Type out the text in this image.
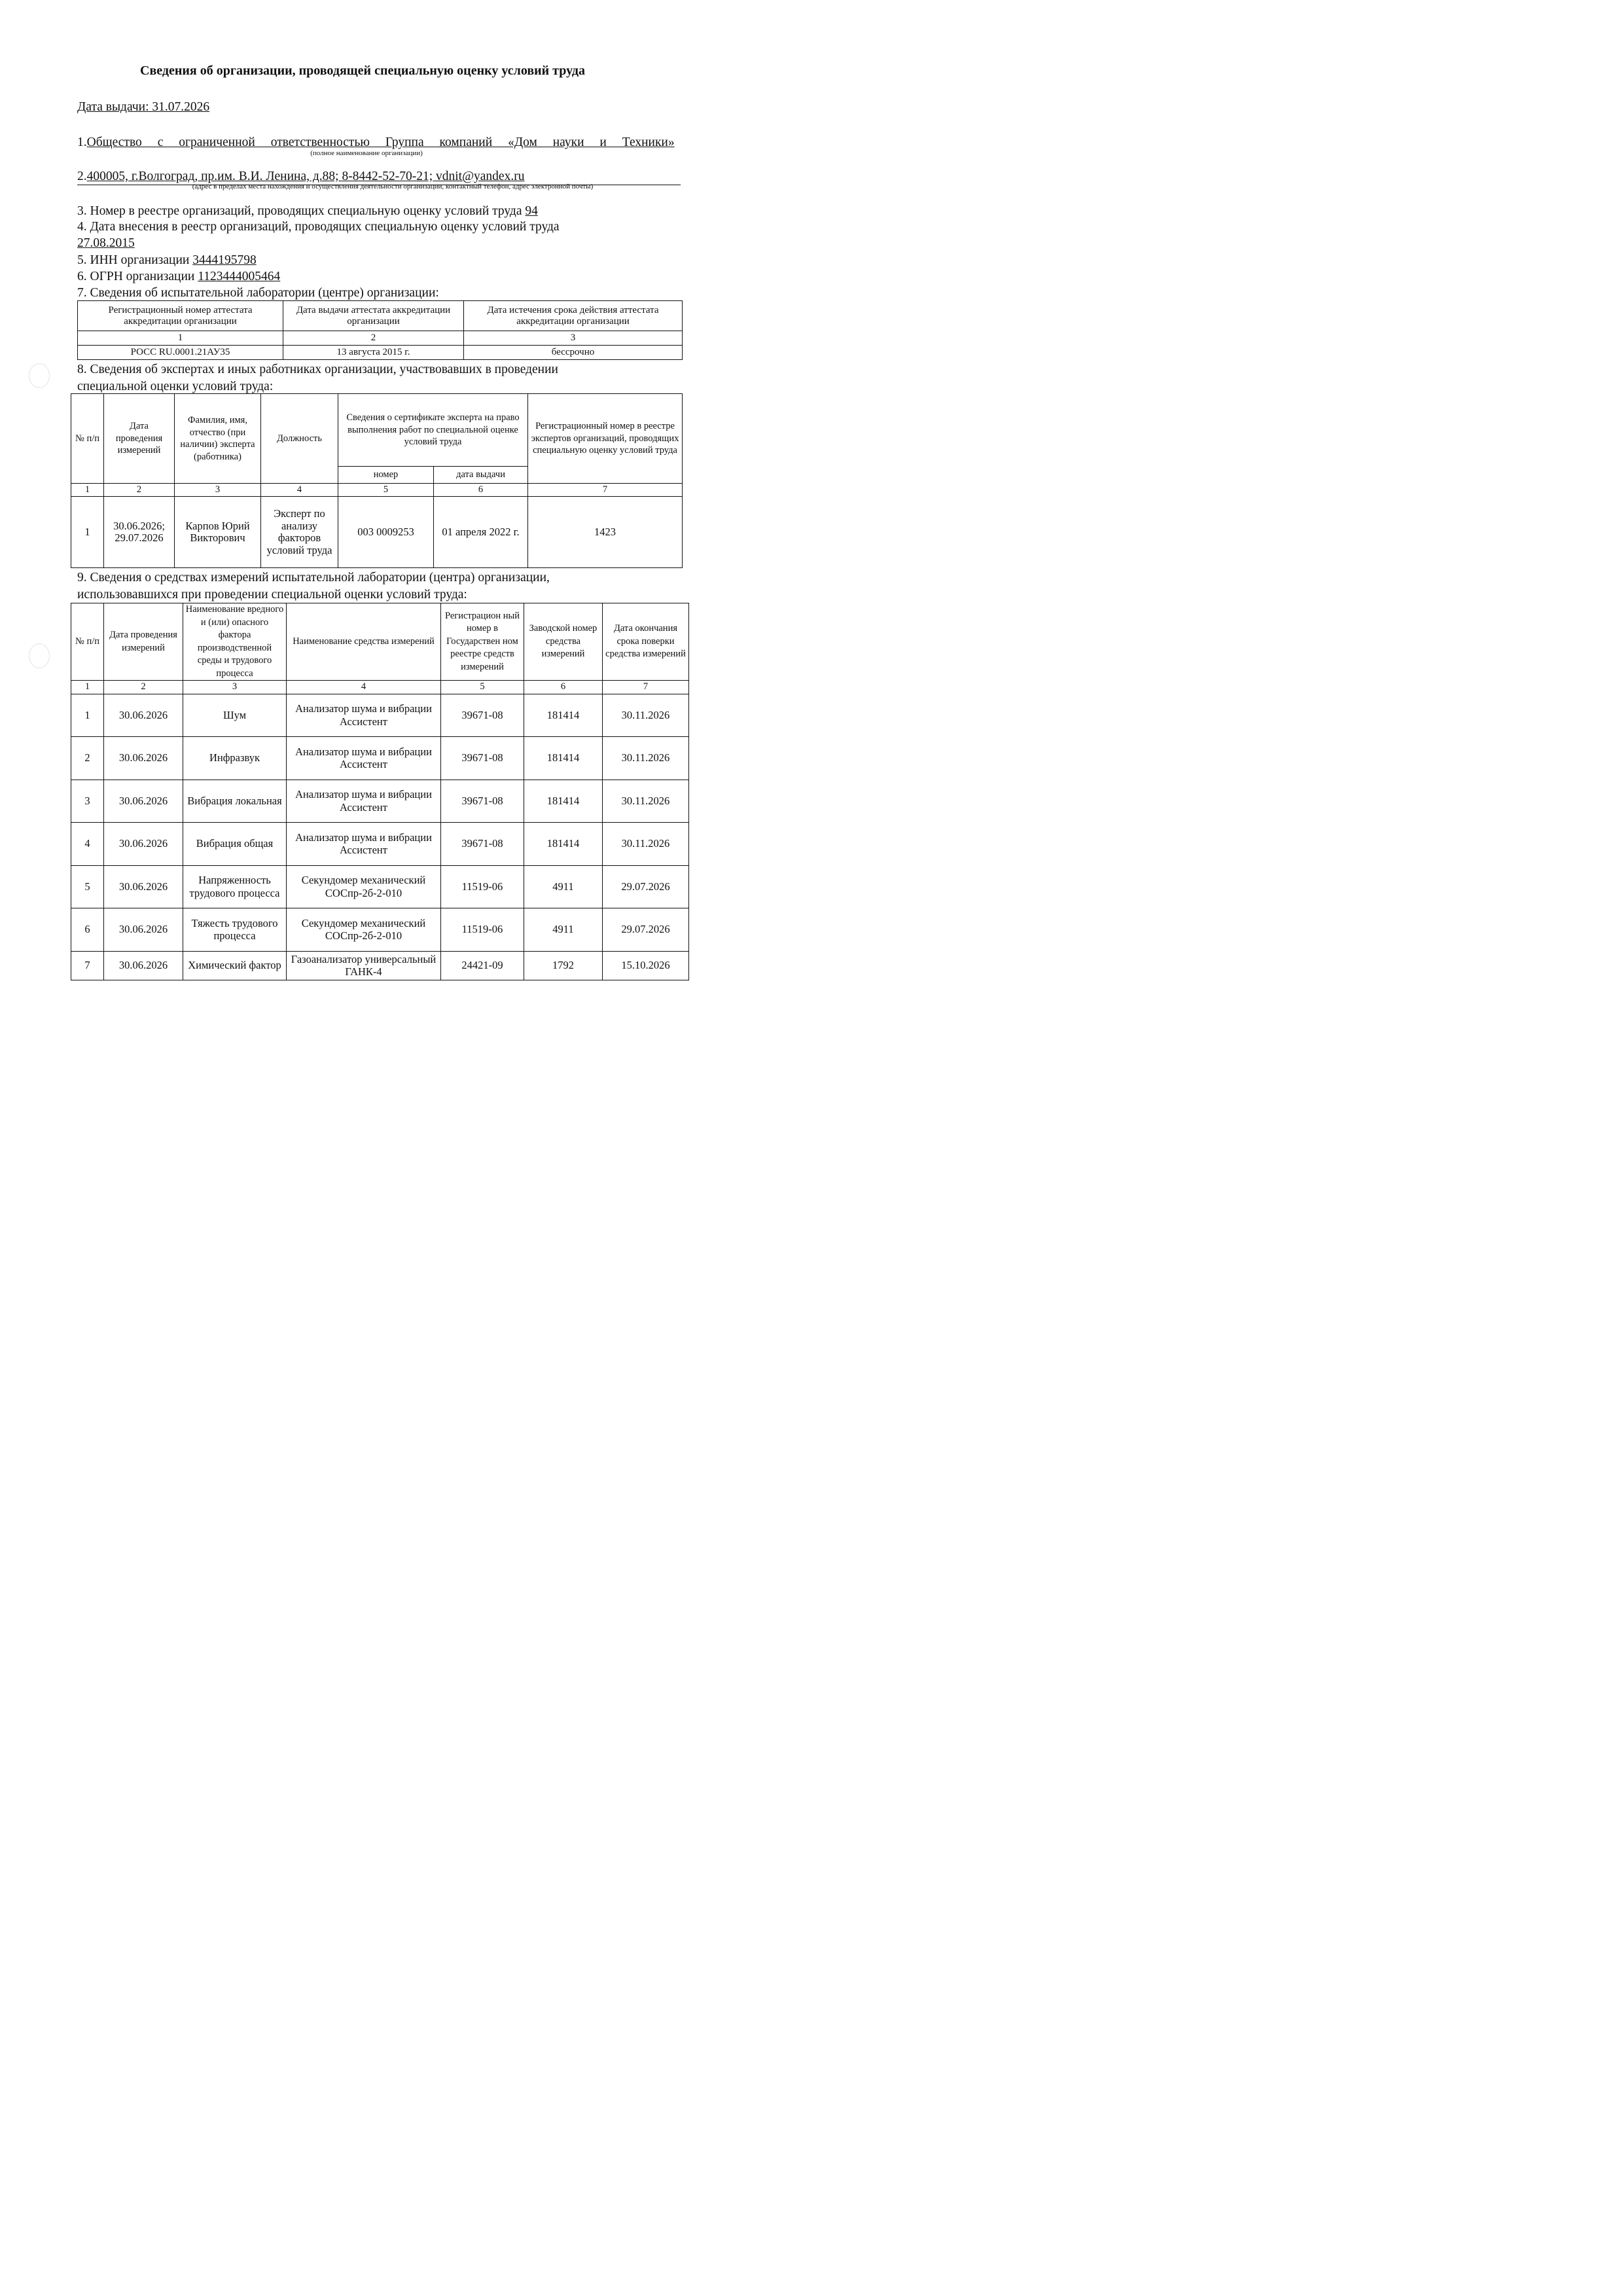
Сведения об организации, проводящей специальную оценку условий труда
Дата выдачи: 31.07.2026
1.Общество с ограниченной ответственностью Группа компаний «Дом науки и Техники»
(полное наименование организации)
2.400005, г.Волгоград, пр.им. В.И. Ленина, д.88; 8-8442-52-70-21; vdnit@yandex.ru
(адрес в пределах места нахождения и осуществления деятельности организации, контактный телефон, адрес электронной почты)
3. Номер в реестре организаций, проводящих специальную оценку условий труда 94
4. Дата внесения в реестр организаций, проводящих специальную оценку условий труда
27.08.2015
5. ИНН организации 3444195798
6. ОГРН организации 1123444005464
7. Сведения об испытательной лаборатории (центре) организации:
Регистрационный номер аттестата аккредитации организации	Дата выдачи аттестата аккредитации организации	Дата истечения срока действия аттестата аккредитации организации
1	2	3
РОСС RU.0001.21АУ35	13 августа 2015 г.	бессрочно
8. Сведения об экспертах и иных работниках организации, участвовавших в проведении
специальной оценки условий труда:
№ п/п	Дата проведения измерений	Фамилия, имя, отчество (при наличии) эксперта (работника)	Должность	Сведения о сертификате эксперта на право выполнения работ по специальной оценке условий труда		Регистрационный номер в реестре экспертов организаций, проводящих специальную оценку условий труда
				номер	дата выдачи	
1	2	3	4	5	6	7
1	30.06.2026; 29.07.2026	Карпов Юрий Викторович	Эксперт по анализу факторов условий труда	003 0009253	01 апреля 2022 г.	1423
9. Сведения о средствах измерений испытательной лаборатории (центра) организации,
использовавшихся при проведении специальной оценки условий труда:
№ п/п	Дата проведения измерений	Наименование вредного и (или) опасного фактора производственной среды и трудового процесса	Наименование средства измерений	Регистрацион ный номер в Государствен ном реестре средств измерений	Заводской номер средства измерений	Дата окончания срока поверки средства измерений
1	2	3	4	5	6	7
1	30.06.2026	Шум	Анализатор шума и вибрации Ассистент	39671-08	181414	30.11.2026
2	30.06.2026	Инфразвук	Анализатор шума и вибрации Ассистент	39671-08	181414	30.11.2026
3	30.06.2026	Вибрация локальная	Анализатор шума и вибрации Ассистент	39671-08	181414	30.11.2026
4	30.06.2026	Вибрация общая	Анализатор шума и вибрации Ассистент	39671-08	181414	30.11.2026
5	30.06.2026	Напряженность трудового процесса	Секундомер механический СОСпр-2б-2-010	11519-06	4911	29.07.2026
6	30.06.2026	Тяжесть трудового процесса	Секундомер механический СОСпр-2б-2-010	11519-06	4911	29.07.2026
7	30.06.2026	Химический фактор	Газоанализатор универсальный ГАНК-4	24421-09	1792	15.10.2026
